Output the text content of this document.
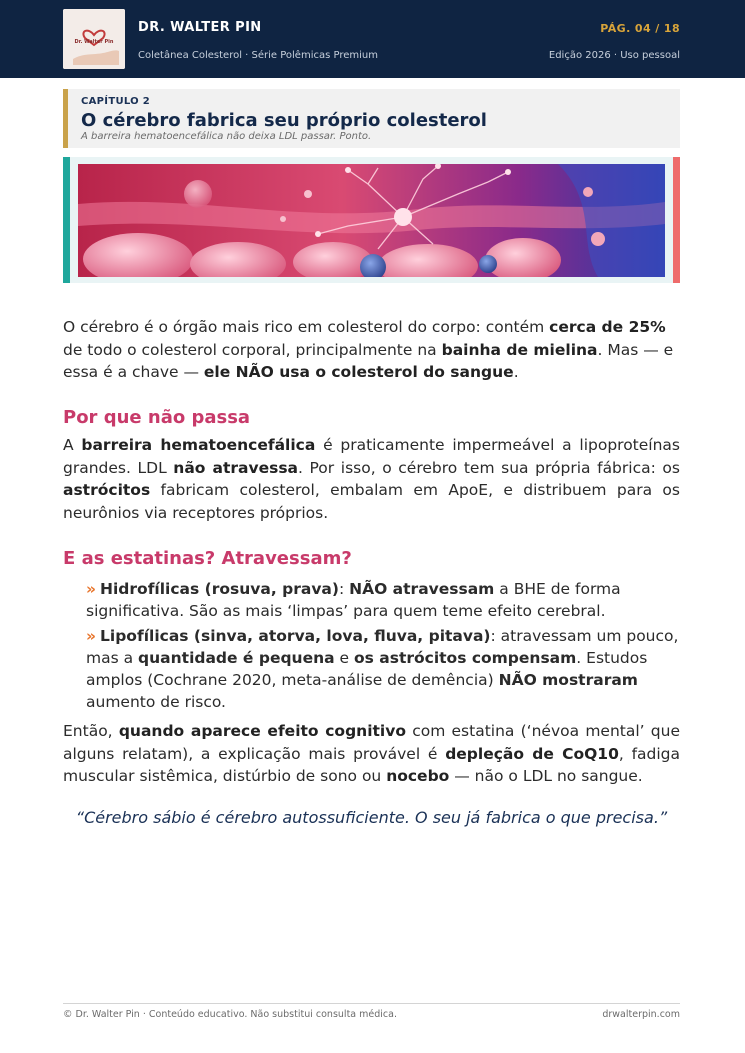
Dr. Walter Pin
DR. WALTER PIN
Coletânea Colesterol · Série Polêmicas Premium
PÁG. 04 / 18
Edição 2026 · Uso pessoal
CAPÍTULO 2
O cérebro fabrica seu próprio colesterol
A barreira hematoencefálica não deixa LDL passar. Ponto.

O cérebro é o órgão mais rico em colesterol do corpo: contém cerca de 25% de todo o colesterol corporal, principalmente na bainha de mielina. Mas — e essa é a chave — ele NÃO usa o colesterol do sangue.

Por que não passa

A barreira hematoencefálica é praticamente impermeável a lipoproteínas grandes. LDL não atravessa. Por isso, o cérebro tem sua própria fábrica: os astrócitos fabricam colesterol, embalam em ApoE, e distribuem para os neurônios via receptores próprios.

E as estatinas? Atravessam?

» Hidrofílicas (rosuva, prava): NÃO atravessam a BHE de forma significativa. São as mais ‘limpas’ para quem teme efeito cerebral.

» Lipofílicas (sinva, atorva, lova, fluva, pitava): atravessam um pouco, mas a quantidade é pequena e os astrócitos compensam. Estudos amplos (Cochrane 2020, meta-análise de demência) NÃO mostraram aumento de risco.

Então, quando aparece efeito cognitivo com estatina (‘névoa mental’ que alguns relatam), a explicação mais provável é depleção de CoQ10, fadiga muscular sistêmica, distúrbio de sono ou nocebo — não o LDL no sangue.

“Cérebro sábio é cérebro autossuficiente. O seu já fabrica o que precisa.”

© Dr. Walter Pin · Conteúdo educativo. Não substitui consulta médica.	drwalterpin.com
